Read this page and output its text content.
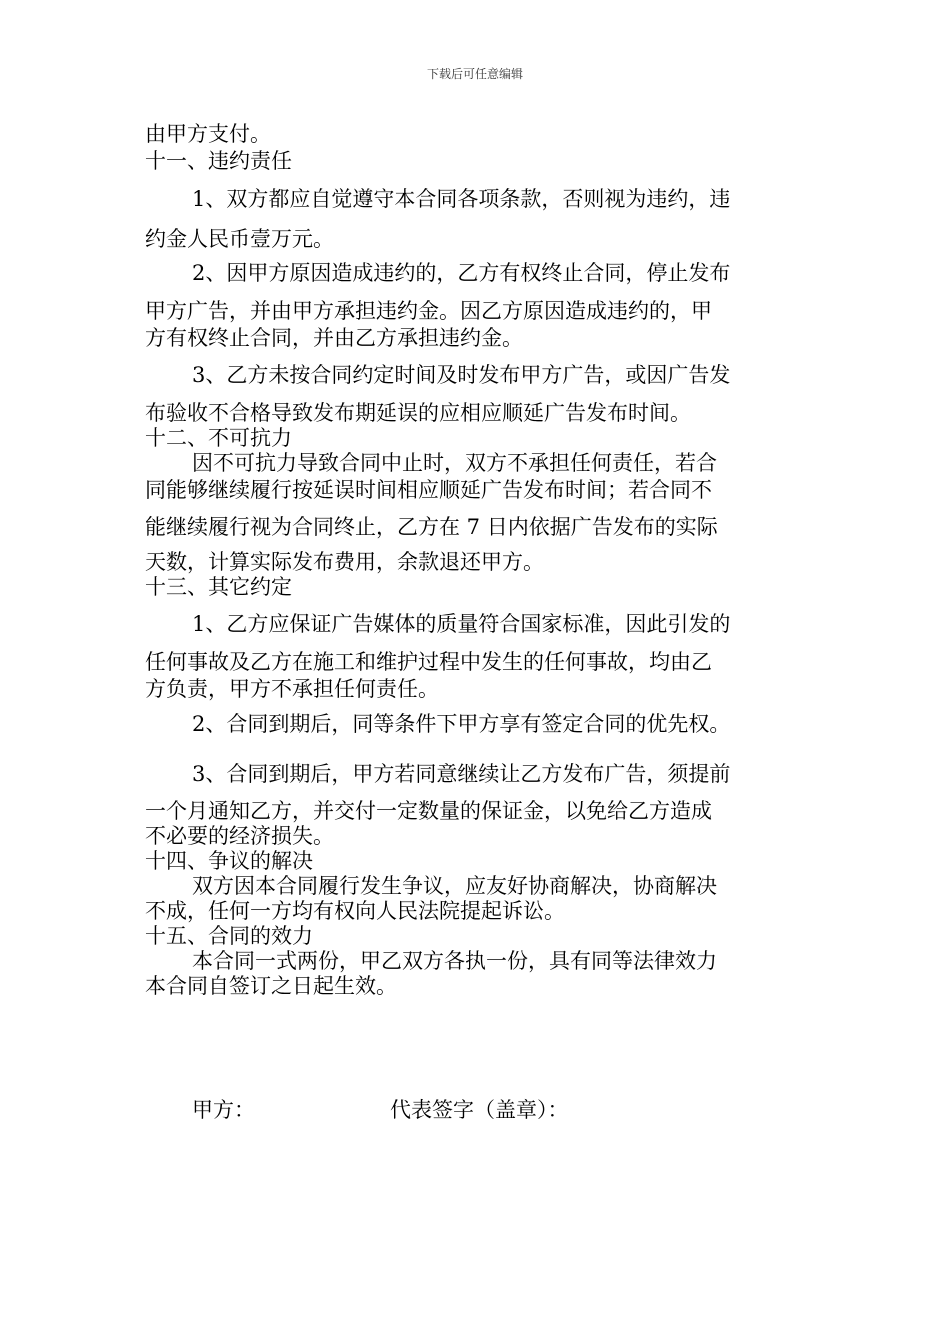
下载后可任意编辑
由甲方支付。
十一、违约责任
1、双方都应自觉遵守本合同各项条款，否则视为违约，违
约金人民币壹万元。
2、因甲方原因造成违约的，乙方有权终止合同，停止发布
甲方广告，并由甲方承担违约金。因乙方原因造成违约的，甲
方有权终止合同，并由乙方承担违约金。
3、乙方未按合同约定时间及时发布甲方广告，或因广告发
布验收不合格导致发布期延误的应相应顺延广告发布时间。
十二、不可抗力
因不可抗力导致合同中止时，双方不承担任何责任，若合
同能够继续履行按延误时间相应顺延广告发布时间；若合同不
能继续履行视为合同终止，乙方在 7 日内依据广告发布的实际
天数，计算实际发布费用，余款退还甲方。
十三、其它约定
1、乙方应保证广告媒体的质量符合国家标准，因此引发的
任何事故及乙方在施工和维护过程中发生的任何事故，均由乙
方负责，甲方不承担任何责任。
2、合同到期后，同等条件下甲方享有签定合同的优先权。
3、合同到期后，甲方若同意继续让乙方发布广告，须提前
一个月通知乙方，并交付一定数量的保证金，以免给乙方造成
不必要的经济损失。
十四、争议的解决
双方因本合同履行发生争议，应友好协商解决，协商解决
不成，任何一方均有权向人民法院提起诉讼。
十五、合同的效力
本合同一式两份，甲乙双方各执一份，具有同等法律效力
本合同自签订之日起生效。
甲方：	代表签字（盖章）：
